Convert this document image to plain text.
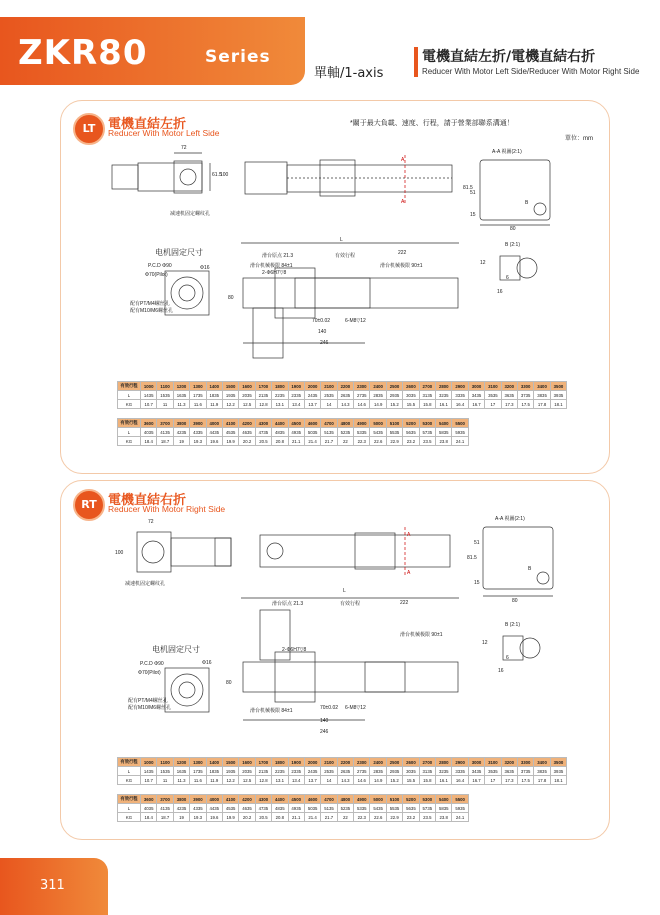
ZKR80	Series
單軸/1-axis
電機直結左折/電機直結右折
Reducer With Motor Left Side/Reducer With Motor Right Side
LT 電機直結左折
Reducer With Motor Left Side
*關于最大負載、速度、行程，請于營業部聯系溝通！
單位：mm
72
61.5
100
减速机固定螺纹孔
A
A
A-A 視圖(2:1)
81.5
51
15
80
B
B (2:1)
12
6
16
电机固定尺寸
P.C.D Φ90
Φ70(Pilot)
Φ16
配有PT/M4螺丝孔
配有M10/M6螺丝孔
L
滑台原点 21.3	有效行程	222
滑台机械极限 84±1	滑台机械极限 90±1
2-Φ6H7▽8
80
70±0.02	6-M8▽12
140
246
有效行程	1000	1100	1200	1300	1400	1500	1600	1700	1800	1900	2000	2100	2200	2300	2400	2500	2600	2700	2800	2900	3000	3100	3200	3300	3400	3500
L	1435	1535	1635	1735	1835	1935	2035	2135	2235	2335	2435	2535	2635	2735	2835	2935	3035	3135	3235	3335	3435	3535	3635	3735	3835	3935
KG	10.7	11	11.3	11.6	11.9	12.2	12.5	12.8	13.1	13.4	13.7	14	14.3	14.6	14.9	15.2	15.5	15.8	16.1	16.4	16.7	17	17.3	17.5	17.8	18.1
有效行程	3600	3700	3800	3900	4000	4100	4200	4300	4400	4500	4600	4700	4800	4900	5000	5100	5200	5300	5400	5500
L	4035	4135	4235	4335	4435	4535	4635	4735	4835	4935	5035	5135	5235	5335	5435	5535	5635	5735	5835	5935
KG	18.4	18.7	19	19.3	19.6	19.9	20.2	20.5	20.8	21.1	21.4	21.7	22	22.3	22.6	22.9	23.2	23.5	23.8	24.1
RT 電機直結右折
Reducer With Motor Right Side
72
100
减速机固定螺纹孔
A
A
A-A 視圖(2:1)
81.5
51
15
80
B
B (2:1)
12
6
16
电机固定尺寸
P.C.D Φ90
Φ70(Pilot)
Φ16
配有PT/M4螺丝孔
配有M10/M6螺丝孔
L
滑台原点 21.3	有效行程	222
滑台机械极限 90±1
2-Φ6H7▽8
80
滑台机械极限 84±1	70±0.02 6-M8▽12
140
246
有效行程	1000	1100	1200	1300	1400	1500	1600	1700	1800	1900	2000	2100	2200	2300	2400	2500	2600	2700	2800	2900	3000	3100	3200	3300	3400	3500
L	1435	1535	1635	1735	1835	1935	2035	2135	2235	2335	2435	2535	2635	2735	2835	2935	3035	3135	3235	3335	3435	3535	3635	3735	3835	3935
KG	10.7	11	11.3	11.6	11.9	12.2	12.5	12.8	13.1	13.4	13.7	14	14.3	14.6	14.9	15.2	15.5	15.8	16.1	16.4	16.7	17	17.3	17.5	17.8	18.1
有效行程	3600	3700	3800	3900	4000	4100	4200	4300	4400	4500	4600	4700	4800	4900	5000	5100	5200	5300	5400	5500
L	4035	4135	4235	4335	4435	4535	4635	4735	4835	4935	5035	5135	5235	5335	5435	5535	5635	5735	5835	5935
KG	18.4	18.7	19	19.3	19.6	19.9	20.2	20.5	20.8	21.1	21.4	21.7	22	22.3	22.6	22.9	23.2	23.5	23.8	24.1
311
